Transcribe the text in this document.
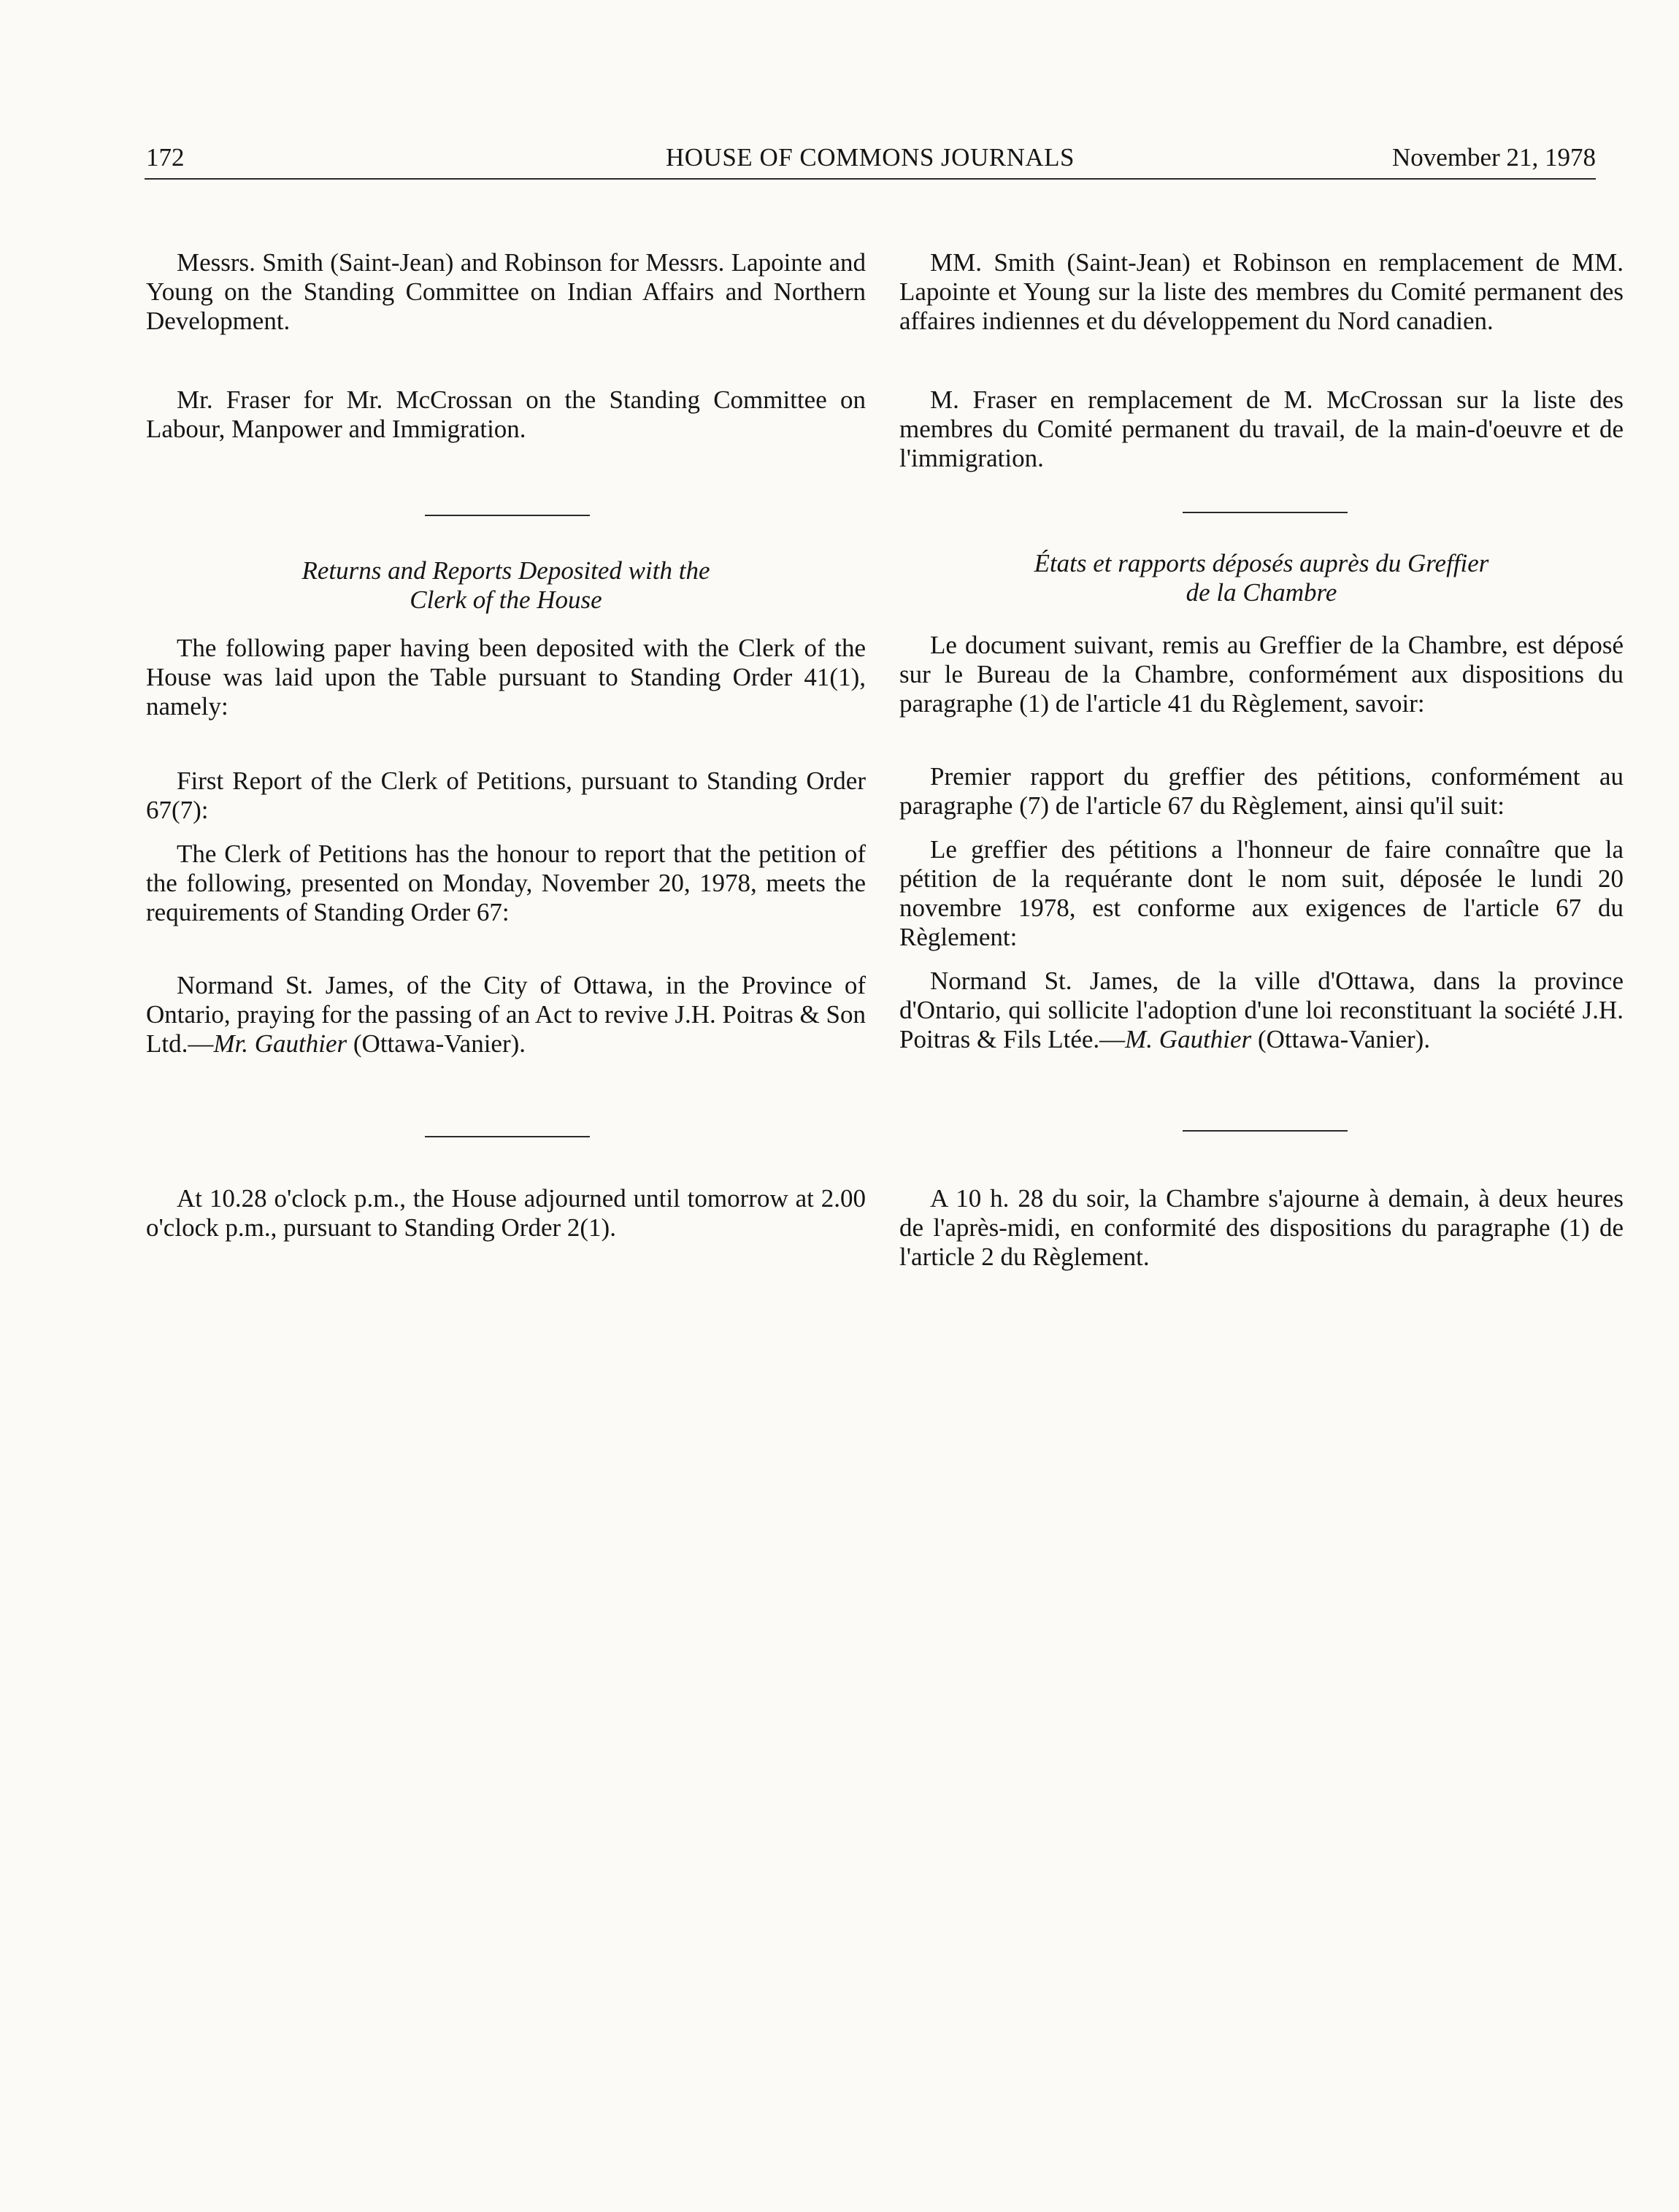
172	HOUSE OF COMMONS JOURNALS	November 21, 1978

Messrs. Smith (Saint-Jean) and Robinson for Messrs. Lapointe and Young on the Standing Committee on Indian Affairs and Northern Development.

Mr. Fraser for Mr. McCrossan on the Standing Committee on Labour, Manpower and Immigration.

Returns and Reports Deposited with the
Clerk of the House

The following paper having been deposited with the Clerk of the House was laid upon the Table pursuant to Standing Order 41(1), namely:

First Report of the Clerk of Petitions, pursuant to Standing Order 67(7):

The Clerk of Petitions has the honour to report that the petition of the following, presented on Monday, November 20, 1978, meets the requirements of Standing Order 67:

Normand St. James, of the City of Ottawa, in the Province of Ontario, praying for the passing of an Act to revive J.H. Poitras & Son Ltd.—Mr. Gauthier (Ottawa-Vanier).

At 10.28 o'clock p.m., the House adjourned until tomorrow at 2.00 o'clock p.m., pursuant to Standing Order 2(1).

MM. Smith (Saint-Jean) et Robinson en remplacement de MM. Lapointe et Young sur la liste des membres du Comité permanent des affaires indiennes et du développement du Nord canadien.

M. Fraser en remplacement de M. McCrossan sur la liste des membres du Comité permanent du travail, de la main-d'oeuvre et de l'immigration.

États et rapports déposés auprès du Greffier
de la Chambre

Le document suivant, remis au Greffier de la Chambre, est déposé sur le Bureau de la Chambre, conformément aux dispositions du paragraphe (1) de l'article 41 du Règlement, savoir:

Premier rapport du greffier des pétitions, conformément au paragraphe (7) de l'article 67 du Règlement, ainsi qu'il suit:

Le greffier des pétitions a l'honneur de faire connaître que la pétition de la requérante dont le nom suit, déposée le lundi 20 novembre 1978, est conforme aux exigences de l'article 67 du Règlement:

Normand St. James, de la ville d'Ottawa, dans la province d'Ontario, qui sollicite l'adoption d'une loi reconstituant la société J.H. Poitras & Fils Ltée.—M. Gauthier (Ottawa-Vanier).

A 10 h. 28 du soir, la Chambre s'ajourne à demain, à deux heures de l'après-midi, en conformité des dispositions du paragraphe (1) de l'article 2 du Règlement.
